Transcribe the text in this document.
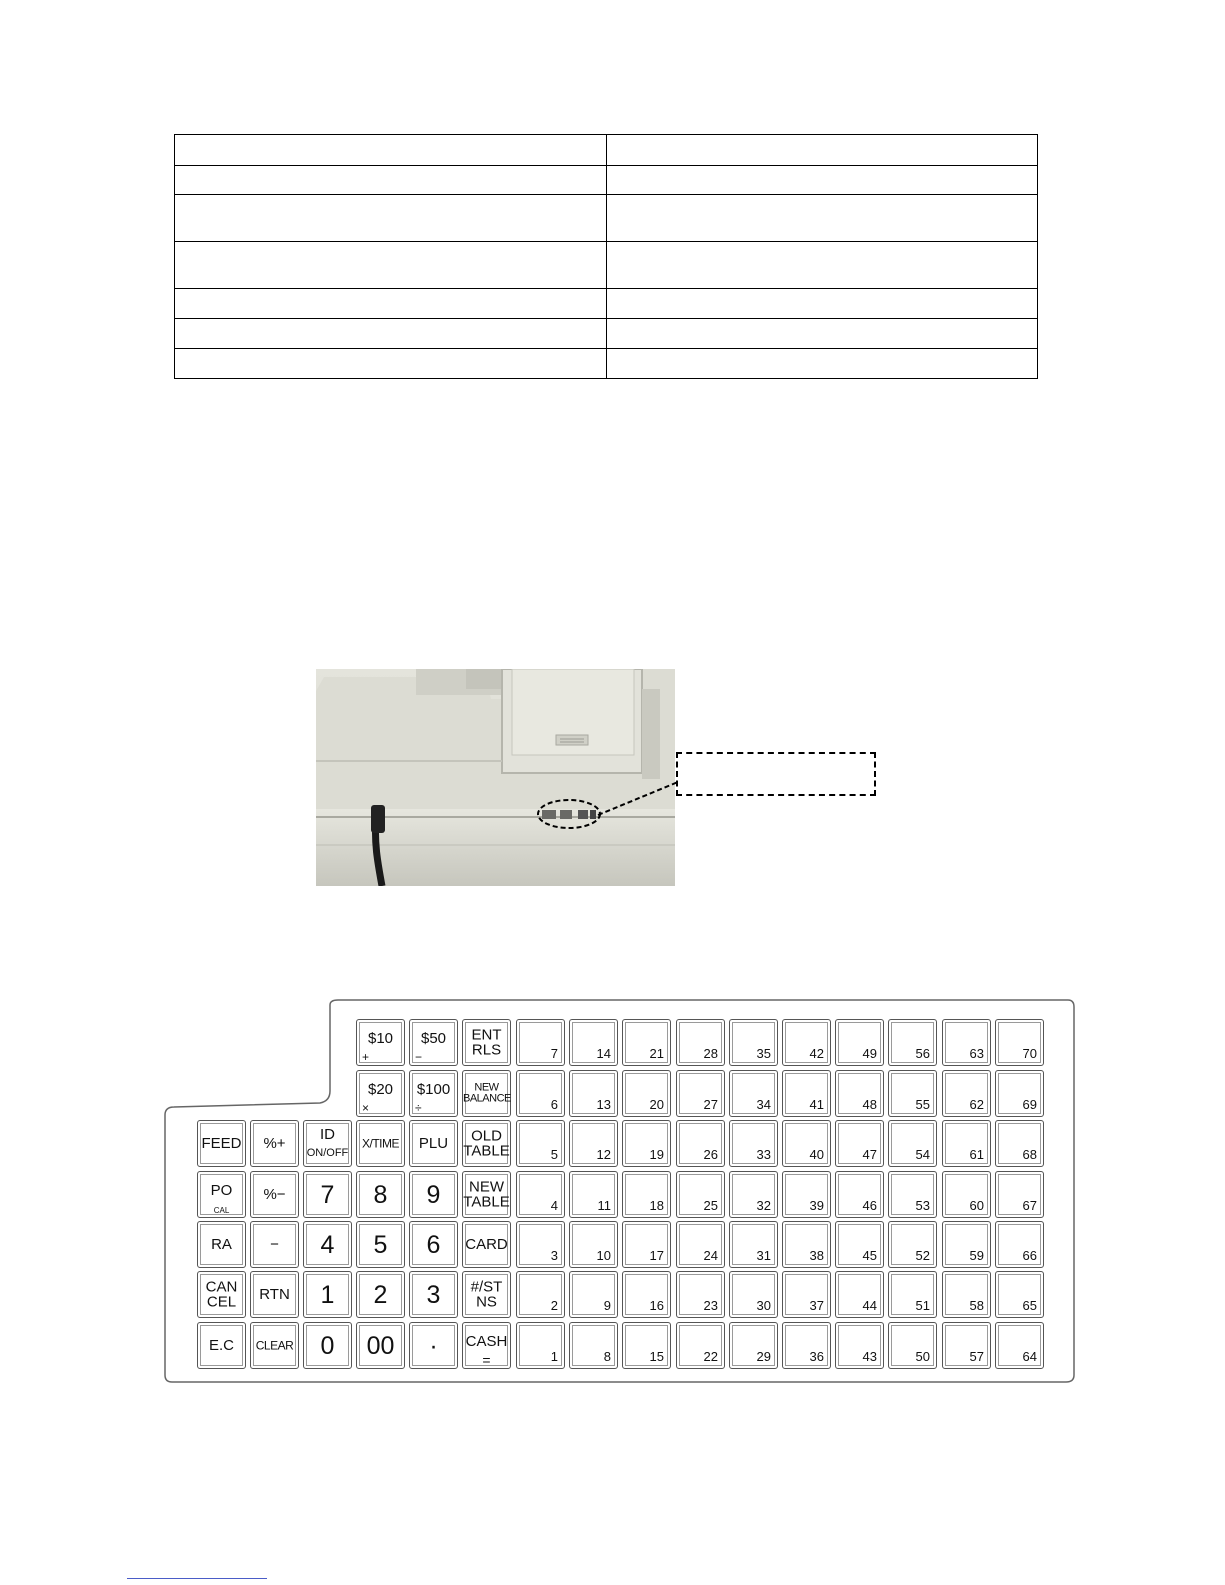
$10
+
$50
−
$20
×
$100
÷
FEED	%+	ID
ON/OFF
X/TIME	PLU
PO
CAL
%−	7	8	9
RA	−	4	5	6
CAN
CEL	RTN	1	2	3
E.C	CLEAR	0	00	·
ENT
RLS
NEW
BALANCE
OLD
TABLE
NEW
TABLE
CARD
#/ST
NS
CASH
=
7	14	21	28	35	42	49	56	63	70
6	13	20	27	34	41	48	55	62	69
5	12	19	26	33	40	47	54	61	68
4	11	18	25	32	39	46	53	60	67
3	10	17	24	31	38	45	52	59	66
2	9	16	23	30	37	44	51	58	65
1	8	15	22	29	36	43	50	57	64
